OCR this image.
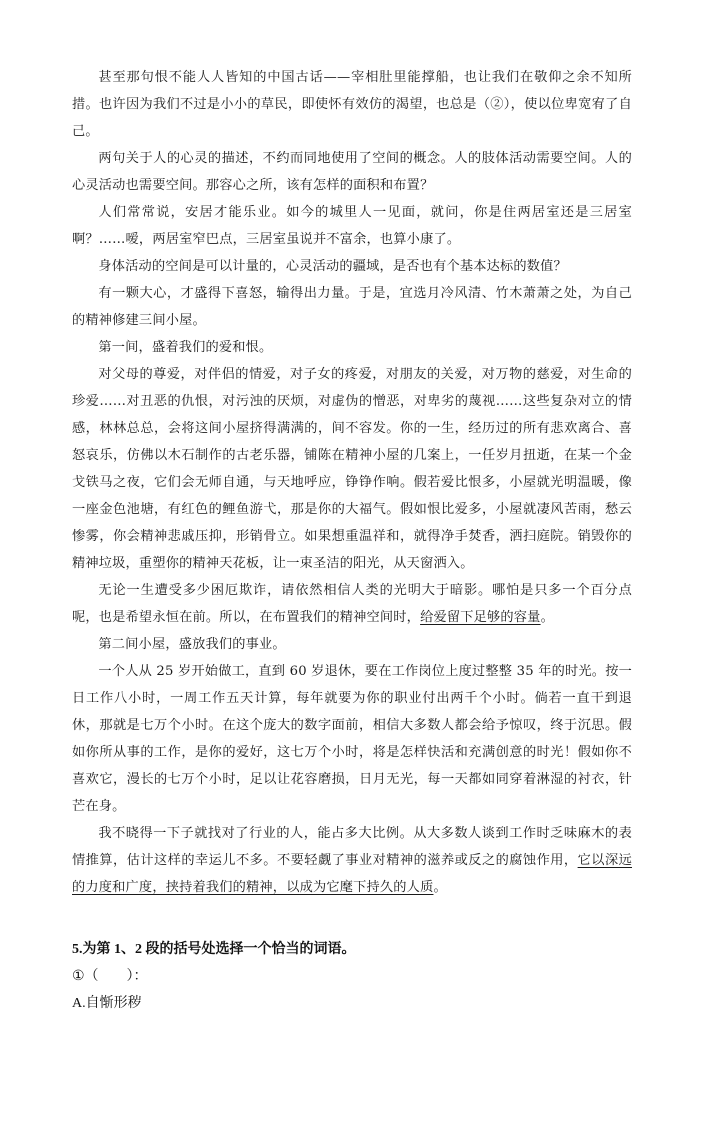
甚至那句恨不能人人皆知的中国古话——宰相肚里能撑船，也让我们在敬仰之余不知所措。也许因为我们不过是小小的草民，即使怀有效仿的渴望，也总是（②），使以位卑宽宥了自己。

两句关于人的心灵的描述，不约而同地使用了空间的概念。人的肢体活动需要空间。人的心灵活动也需要空间。那容心之所，该有怎样的面积和布置？

人们常常说，安居才能乐业。如今的城里人一见面，就问，你是住两居室还是三居室啊？……嗳，两居室窄巴点，三居室虽说并不富余，也算小康了。

身体活动的空间是可以计量的，心灵活动的疆域，是否也有个基本达标的数值？

有一颗大心，才盛得下喜怒，输得出力量。于是，宜选月冷风清、竹木萧萧之处，为自己的精神修建三间小屋。

第一间，盛着我们的爱和恨。

对父母的尊爱，对伴侣的情爱，对子女的疼爱，对朋友的关爱，对万物的慈爱，对生命的珍爱……对丑恶的仇恨，对污浊的厌烦，对虚伪的憎恶，对卑劣的蔑视……这些复杂对立的情感，林林总总，会将这间小屋挤得满满的，间不容发。你的一生，经历过的所有悲欢离合、喜怒哀乐，仿佛以木石制作的古老乐器，铺陈在精神小屋的几案上，一任岁月扭逝，在某一个金戈铁马之夜，它们会无师自通，与天地呼应，铮铮作响。假若爱比恨多，小屋就光明温暖，像一座金色池塘，有红色的鲤鱼游弋，那是你的大福气。假如恨比爱多，小屋就凄风苦雨，愁云惨雾，你会精神悲戚压抑，形销骨立。如果想重温祥和，就得净手焚香，洒扫庭院。销毁你的精神垃圾，重塑你的精神天花板，让一束圣洁的阳光，从天窗洒入。

无论一生遭受多少困厄欺诈，请依然相信人类的光明大于暗影。哪怕是只多一个百分点呢，也是希望永恒在前。所以，在布置我们的精神空间时，给爱留下足够的容量。

第二间小屋，盛放我们的事业。

一个人从 25 岁开始做工，直到 60 岁退休，要在工作岗位上度过整整 35 年的时光。按一日工作八小时，一周工作五天计算，每年就要为你的职业付出两千个小时。倘若一直干到退休，那就是七万个小时。在这个庞大的数字面前，相信大多数人都会给予惊叹，终于沉思。假如你所从事的工作，是你的爱好，这七万个小时，将是怎样快活和充满创意的时光！假如你不喜欢它，漫长的七万个小时，足以让花容磨损，日月无光，每一天都如同穿着淋湿的衬衣，针芒在身。

我不晓得一下子就找对了行业的人，能占多大比例。从大多数人谈到工作时乏味麻木的表情推算，估计这样的幸运儿不多。不要轻觑了事业对精神的滋养或反之的腐蚀作用，它以深远的力度和广度，挟持着我们的精神，以成为它麾下持久的人质。

5.为第 1、2 段的括号处选择一个恰当的词语。

①（　　）：

A.自惭形秽
